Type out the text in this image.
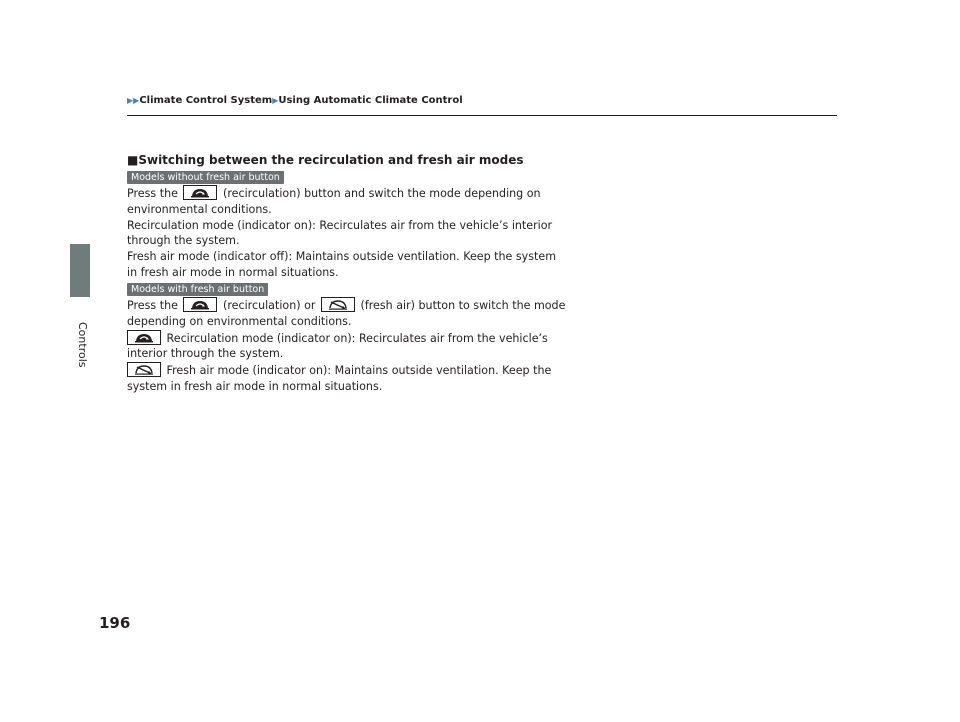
Controls
196
▶▶Climate Control System▶Using Automatic Climate Control
■Switching between the recirculation and fresh air modes
Models without fresh air button
Press the	(recirculation) button and switch the mode depending on environmental conditions.
Recirculation mode (indicator on): Recirculates air from the vehicle’s interior through the system.
Fresh air mode (indicator off): Maintains outside ventilation. Keep the system in fresh air mode in normal situations.
Models with fresh air button
Press the	(recirculation) or	(fresh air) button to switch the mode depending on environmental conditions.
Recirculation mode (indicator on): Recirculates air from the vehicle’s interior through the system.
Fresh air mode (indicator on): Maintains outside ventilation. Keep the system in fresh air mode in normal situations.
